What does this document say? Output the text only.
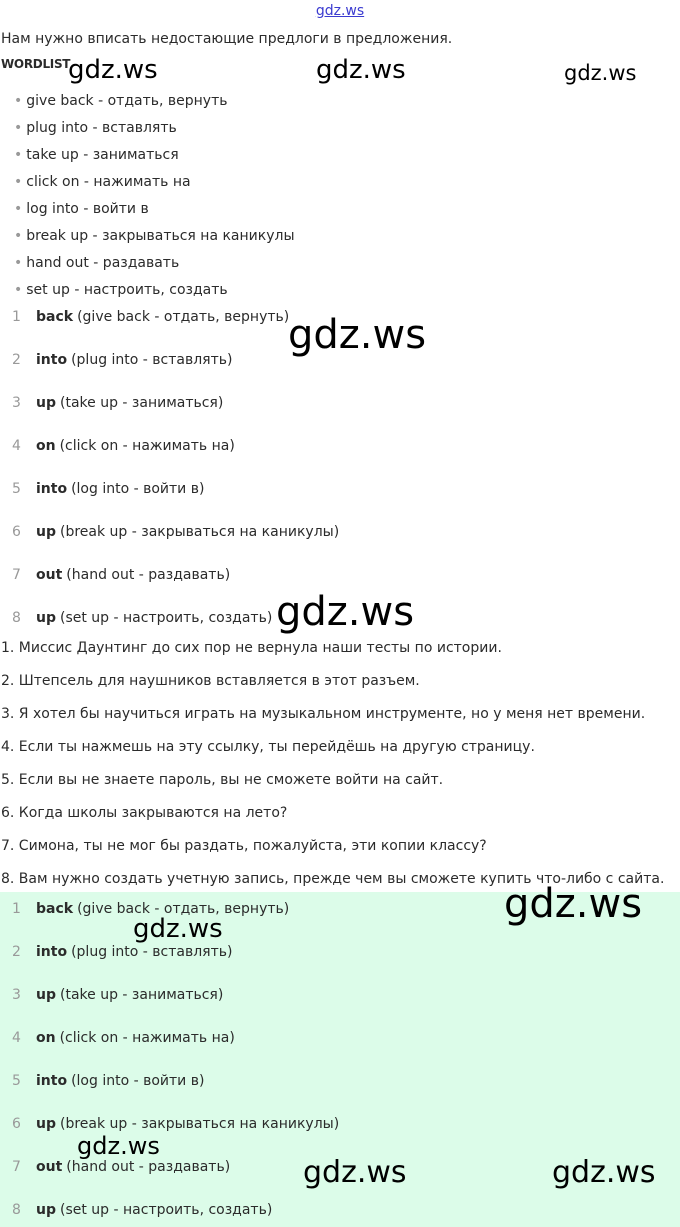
gdz.ws
Нам нужно вписать недостающие предлоги в предложения.
WORDLIST
• give back - отдать, вернуть
• plug into - вставлять
• take up - заниматься
• click on - нажимать на
• log into - войти в
• break up - закрываться на каникулы
• hand out - раздавать
• set up - настроить, создать
1	back (give back - отдать, вернуть)
2	into (plug into - вставлять)
3	up (take up - заниматься)
4	on (click on - нажимать на)
5	into (log into - войти в)
6	up (break up - закрываться на каникулы)
7	out (hand out - раздавать)
8	up (set up - настроить, создать)
1. Миссис Даунтинг до сих пор не вернула наши тесты по истории.
2. Штепсель для наушников вставляется в этот разъем.
3. Я хотел бы научиться играть на музыкальном инструменте, но у меня нет времени.
4. Если ты нажмешь на эту ссылку, ты перейдёшь на другую страницу.
5. Если вы не знаете пароль, вы не сможете войти на сайт.
6. Когда школы закрываются на лето?
7. Симона, ты не мог бы раздать, пожалуйста, эти копии классу?
8. Вам нужно создать учетную запись, прежде чем вы сможете купить что-либо с сайта.
1	back (give back - отдать, вернуть)
2	into (plug into - вставлять)
3	up (take up - заниматься)
4	on (click on - нажимать на)
5	into (log into - войти в)
6	up (break up - закрываться на каникулы)
7	out (hand out - раздавать)
8	up (set up - настроить, создать)
gdz.ws	gdz.ws	gdz.ws
gdz.ws
gdz.ws
gdz.ws
gdz.ws
gdz.ws
gdz.ws	gdz.ws
